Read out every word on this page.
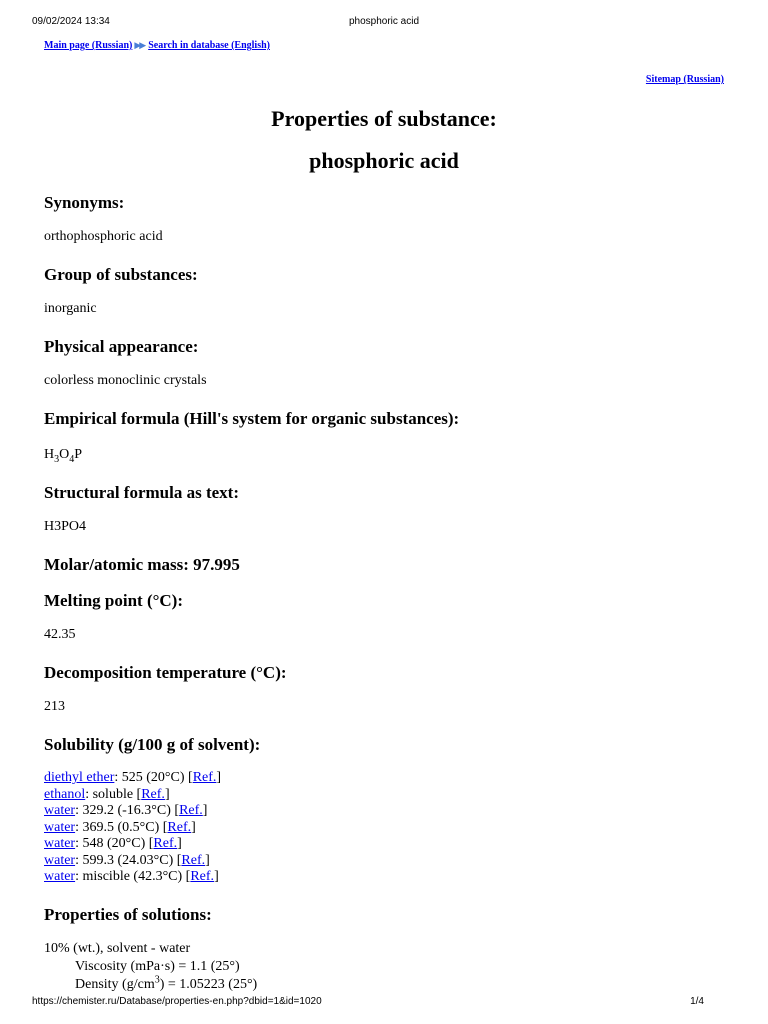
09/02/2024 13:34	phosphoric acid
Main page (Russian) ▶▶ Search in database (English)
Sitemap (Russian)
Properties of substance:
phosphoric acid
Synonyms:

orthophosphoric acid

Group of substances:

inorganic

Physical appearance:

colorless monoclinic crystals

Empirical formula (Hill's system for organic substances):

$H_3O_4P$

Structural formula as text:

H3PO4

Molar/atomic mass: 97.995
Melting point (°C):

42.35

Decomposition temperature (°C):

213

Solubility (g/100 g of solvent):
diethyl ether: 525 (20°C) [Ref.]
ethanol: soluble [Ref.]
water: 329.2 (-16.3°C) [Ref.]
water: 369.5 (0.5°C) [Ref.]
water: 548 (20°C) [Ref.]
water: 599.3 (24.03°C) [Ref.]
water: miscible (42.3°C) [Ref.]
Properties of solutions:
10% (wt.), solvent - water
Viscosity (mPa·s) = 1.1 (25°)
Density $(g/cm^3) = 1.05223$ (25°)
https://chemister.ru/Database/properties-en.php?dbid=1&id=1020	1/4
